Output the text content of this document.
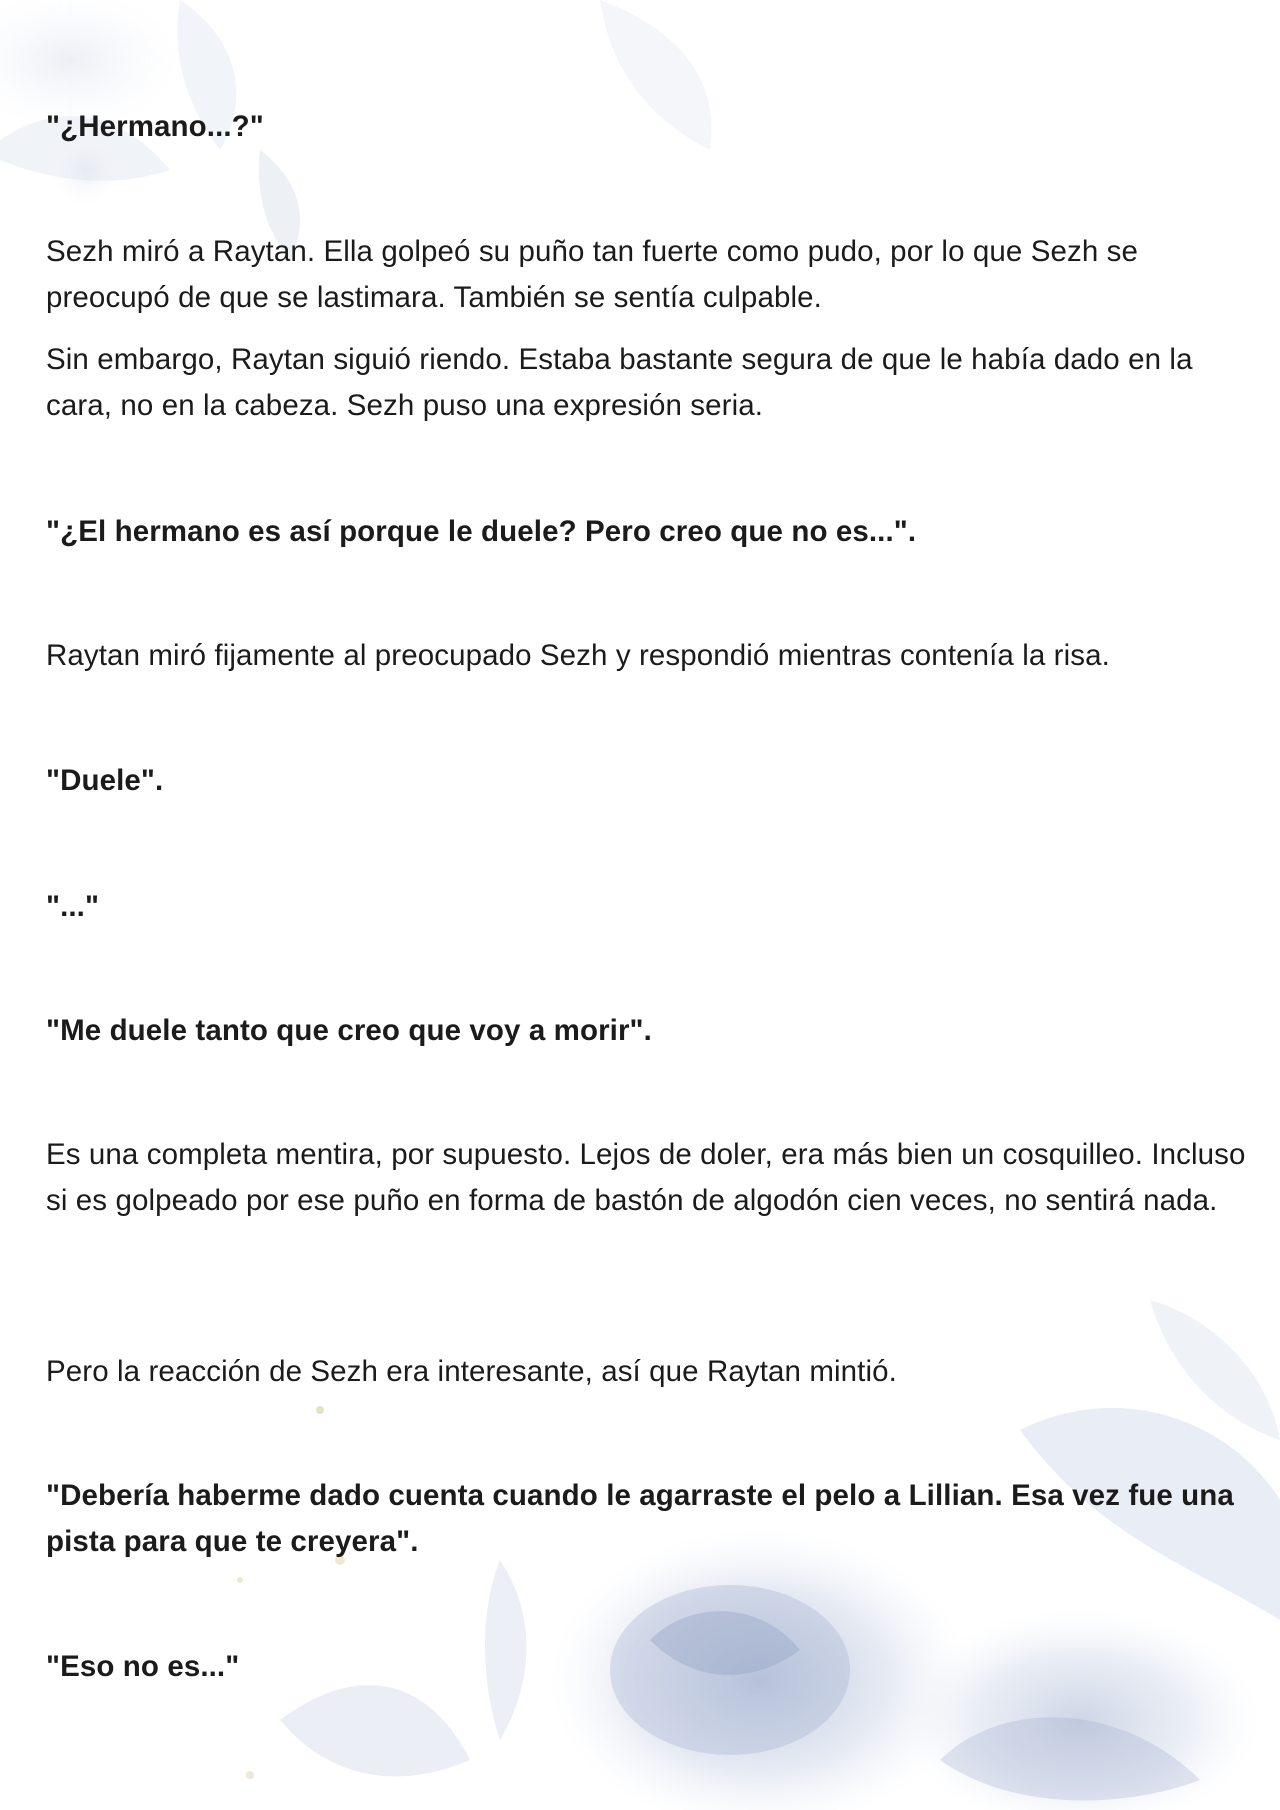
"¿Hermano...?"

Sezh miró a Raytan. Ella golpeó su puño tan fuerte como pudo, por lo que Sezh se preocupó de que se lastimara. También se sentía culpable.

Sin embargo, Raytan siguió riendo. Estaba bastante segura de que le había dado en la cara, no en la cabeza. Sezh puso una expresión seria.

"¿El hermano es así porque le duele? Pero creo que no es...".

Raytan miró fijamente al preocupado Sezh y respondió mientras contenía la risa.

"Duele".

"..."

"Me duele tanto que creo que voy a morir".

Es una completa mentira, por supuesto. Lejos de doler, era más bien un cosquilleo. Incluso si es golpeado por ese puño en forma de bastón de algodón cien veces, no sentirá nada.

Pero la reacción de Sezh era interesante, así que Raytan mintió.

"Debería haberme dado cuenta cuando le agarraste el pelo a Lillian. Esa vez fue una pista para que te creyera".

"Eso no es..."
